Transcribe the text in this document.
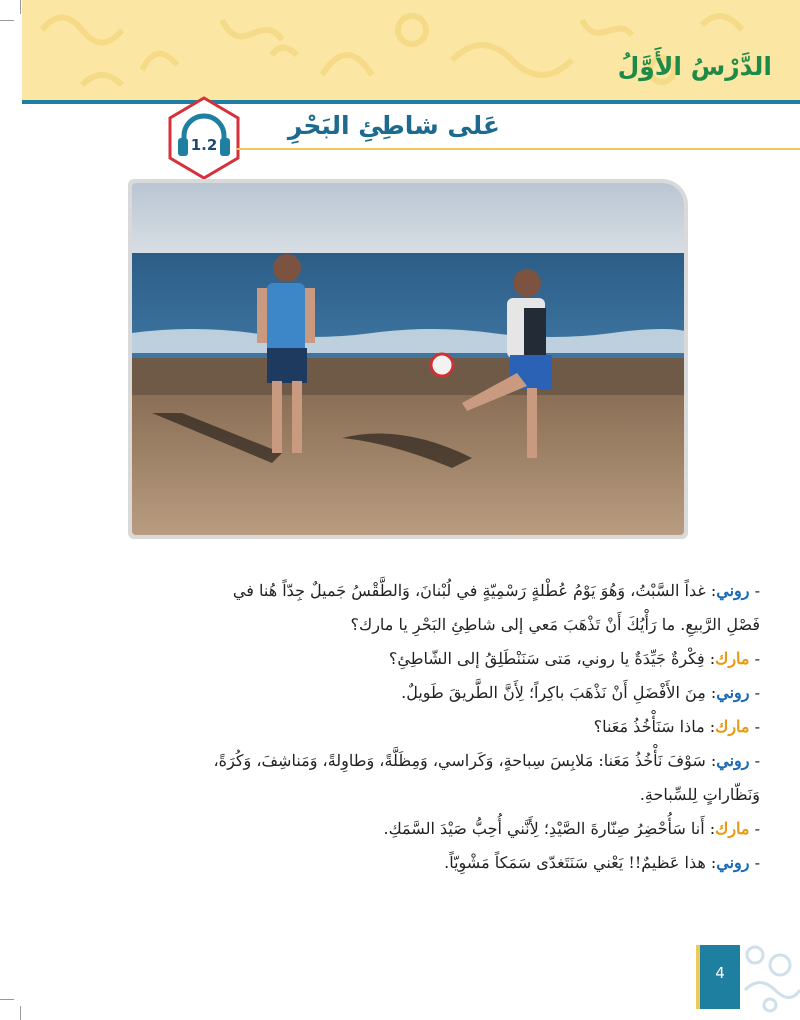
الدَّرْسُ الأَوَّلُ
1.2
عَلى شاطِئِ البَحْرِ

- روني: غداً السَّبْتُ، وَهُوَ يَوْمُ عُطْلةٍ رَسْمِيّةٍ في لُبْنانَ، وَالطَّقْسُ جَميلٌ جِدّاً هُنا في

فَصْلِ الرَّبيعِ. ما رَأْيُكَ أَنْ تَذْهَبَ مَعي إلى شاطِئِ البَحْرِ يا مارك؟

- مارك: فِكْرةٌ جَيِّدَةٌ يا روني، مَتى سَنَنْطَلِقُ إلى الشّاطِئِ؟

- روني: مِنَ الأَفْضَلِ أَنْ نَذْهَبَ باكِراً؛ لِأَنَّ الطَّريقَ طَويلٌ.

- مارك: ماذا سَنَأْخُذُ مَعَنا؟

- روني: سَوْفَ نَأْخُذُ مَعَنا: مَلابِسَ سِباحةٍ، وَكَراسي، وَمِظَلَّةً، وَطاوِلةً، وَمَناشِفَ، وَكُرَةً،

وَنَظّاراتٍ لِلسِّباحةِ.

- مارك: أَنا سَأُحْضِرُ صِنّارةَ الصَّيْدِ؛ لِأَنَّني أُحِبُّ صَيْدَ السَّمَكِ.

- روني: هذا عَظيمٌ!! يَعْني سَنَتَغدّى سَمَكاً مَشْوِيّاً.

4
